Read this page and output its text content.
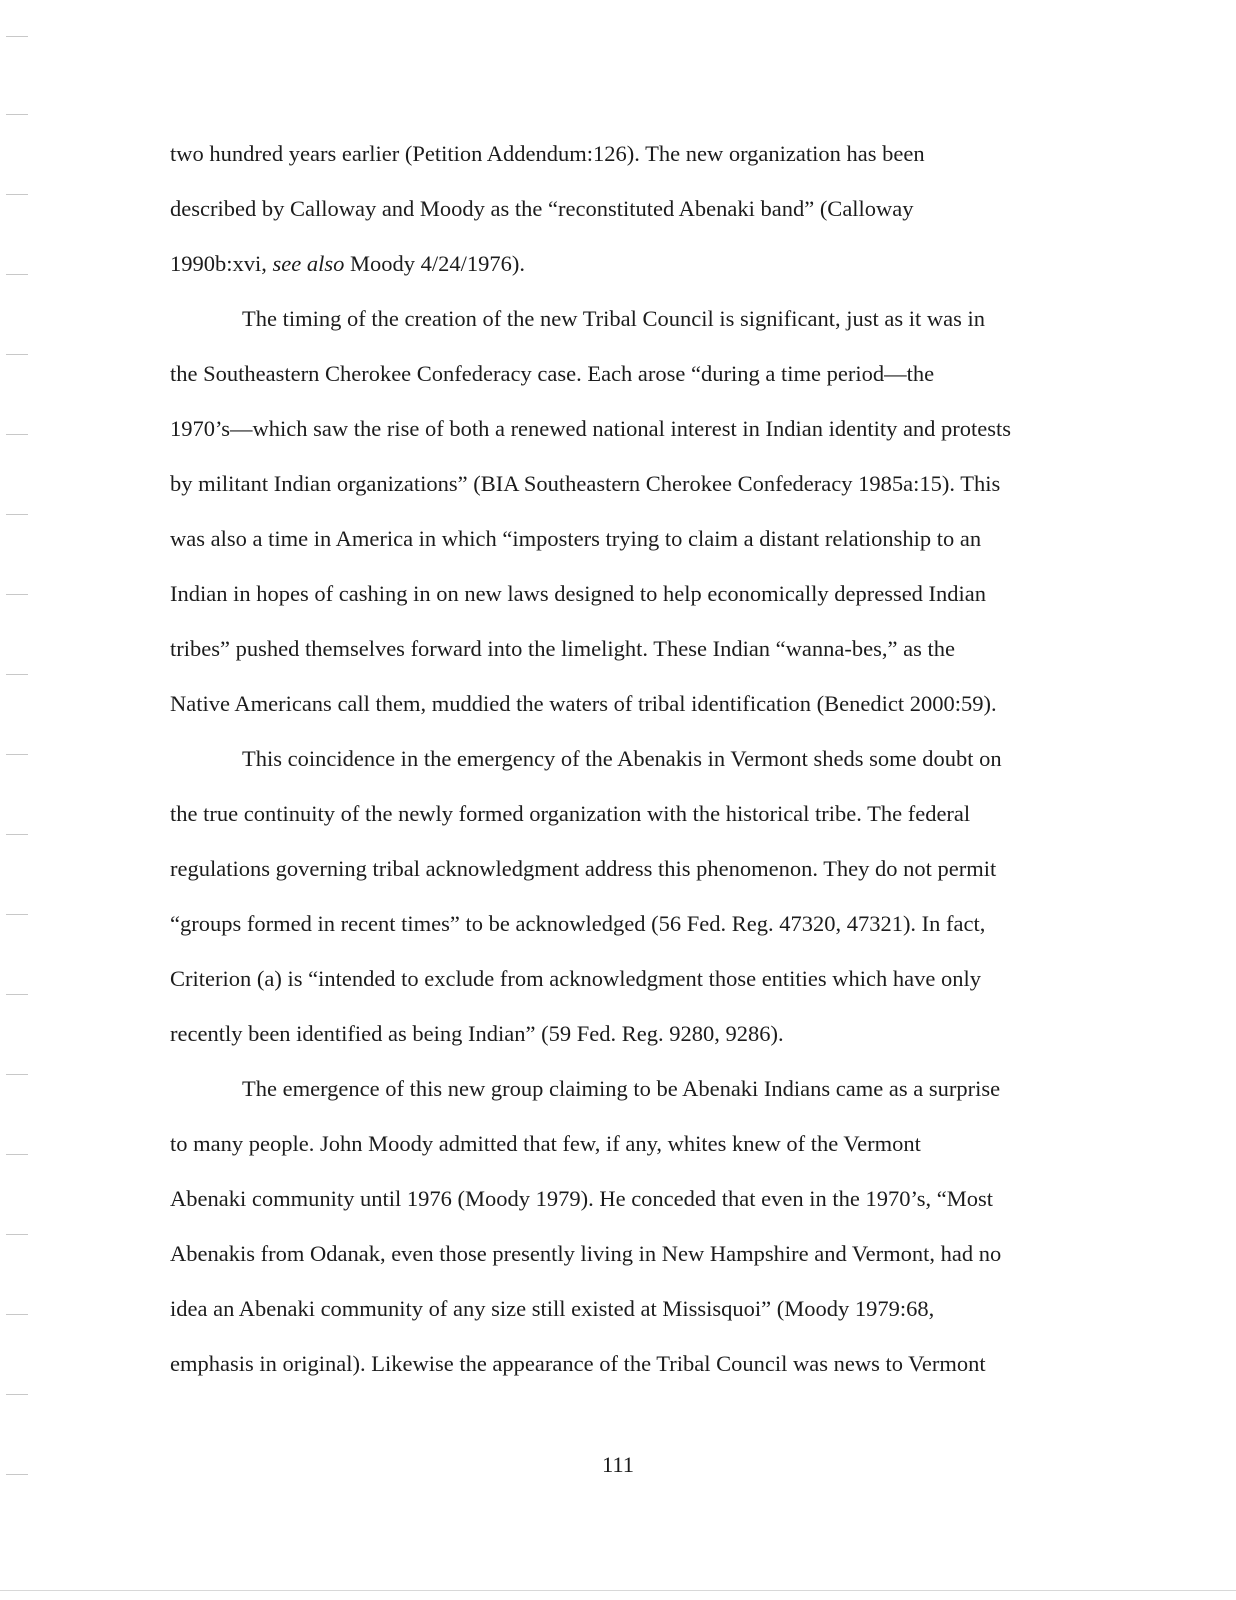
two hundred years earlier (Petition Addendum:126). The new organization has been
described by Calloway and Moody as the “reconstituted Abenaki band” (Calloway
1990b:xvi, see also Moody 4/24/1976).
The timing of the creation of the new Tribal Council is significant, just as it was in
the Southeastern Cherokee Confederacy case. Each arose “during a time period—the
1970’s—which saw the rise of both a renewed national interest in Indian identity and protests
by militant Indian organizations” (BIA Southeastern Cherokee Confederacy 1985a:15). This
was also a time in America in which “imposters trying to claim a distant relationship to an
Indian in hopes of cashing in on new laws designed to help economically depressed Indian
tribes” pushed themselves forward into the limelight. These Indian “wanna-bes,” as the
Native Americans call them, muddied the waters of tribal identification (Benedict 2000:59).
This coincidence in the emergency of the Abenakis in Vermont sheds some doubt on
the true continuity of the newly formed organization with the historical tribe. The federal
regulations governing tribal acknowledgment address this phenomenon. They do not permit
“groups formed in recent times” to be acknowledged (56 Fed. Reg. 47320, 47321). In fact,
Criterion (a) is “intended to exclude from acknowledgment those entities which have only
recently been identified as being Indian” (59 Fed. Reg. 9280, 9286).
The emergence of this new group claiming to be Abenaki Indians came as a surprise
to many people. John Moody admitted that few, if any, whites knew of the Vermont
Abenaki community until 1976 (Moody 1979). He conceded that even in the 1970’s, “Most
Abenakis from Odanak, even those presently living in New Hampshire and Vermont, had no
idea an Abenaki community of any size still existed at Missisquoi” (Moody 1979:68,
emphasis in original). Likewise the appearance of the Tribal Council was news to Vermont
111
